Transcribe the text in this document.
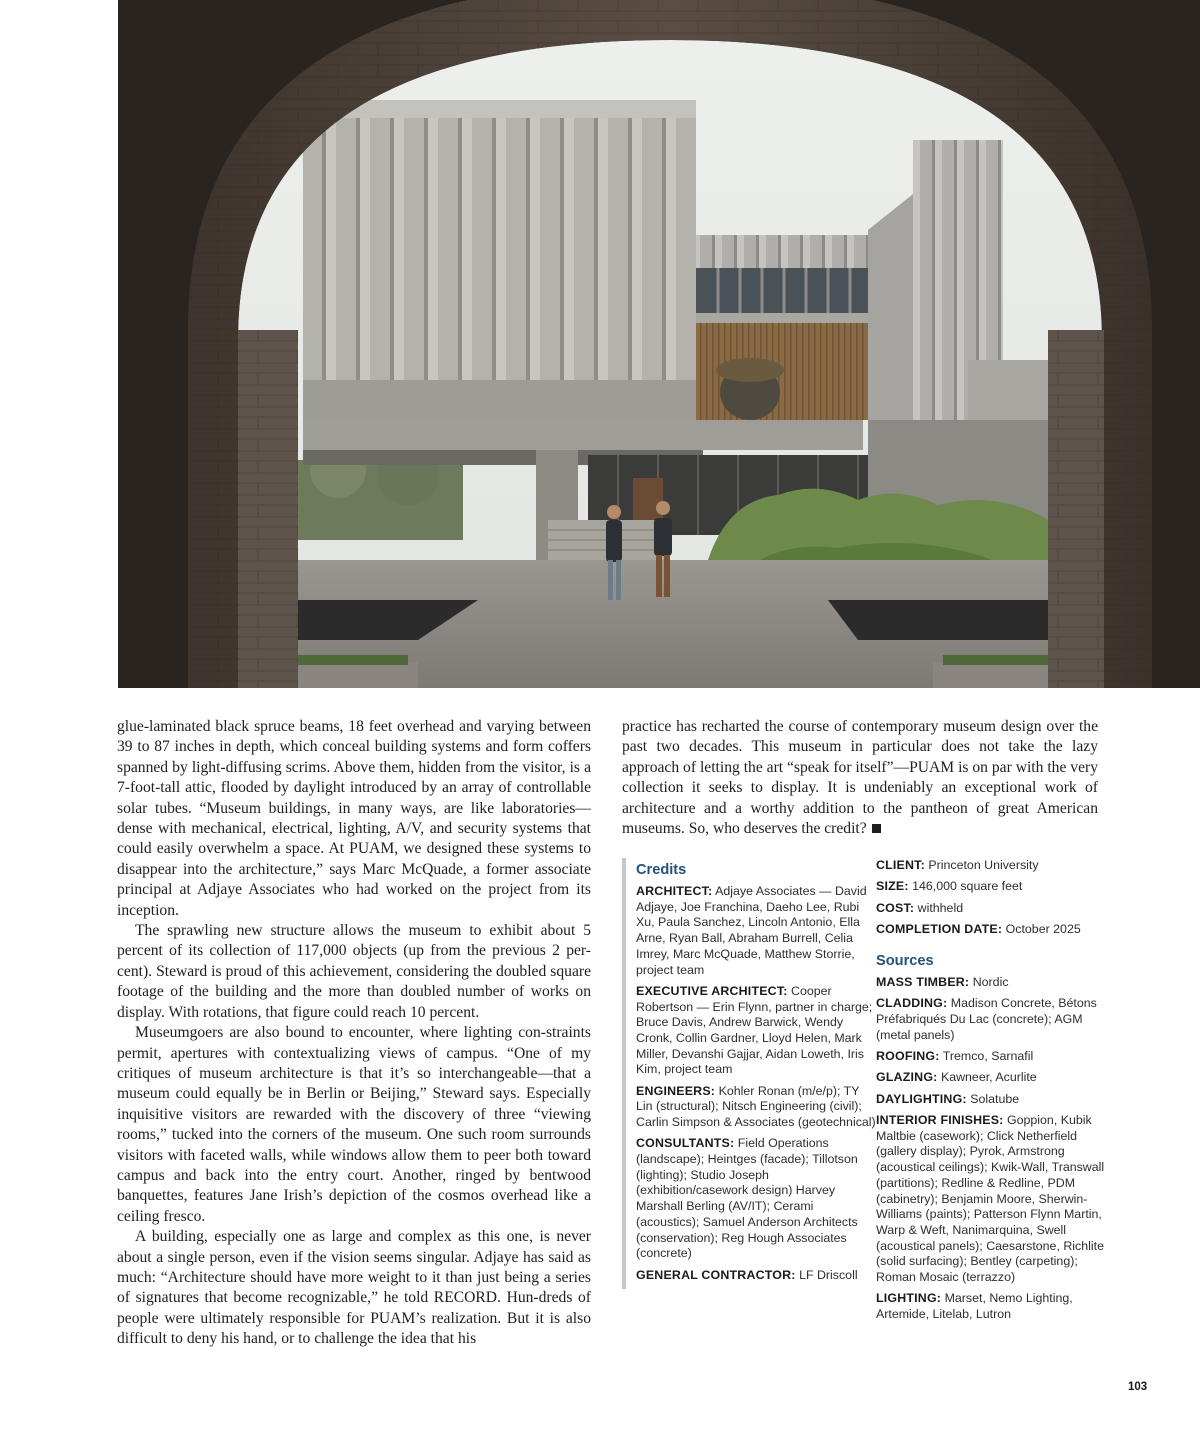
glue-laminated black spruce beams, 18 feet overhead and varying between 39 to 87 inches in depth, which conceal building systems and form coffers spanned by light-diffusing scrims. Above them, hidden from the visitor, is a 7-foot-tall attic, flooded by daylight introduced by an array of controllable solar tubes. “Museum buildings, in many ways, are like laboratories—dense with mechanical, electrical, lighting, A/V, and security systems that could easily overwhelm a space. At PUAM, we designed these systems to disappear into the architecture,” says Marc McQuade, a former associate principal at Adjaye Associates who had worked on the project from its inception.

The sprawling new structure allows the museum to exhibit about 5 percent of its collection of 117,000 objects (up from the previous 2 per-cent). Steward is proud of this achievement, considering the doubled square footage of the building and the more than doubled number of works on display. With rotations, that figure could reach 10 percent.

Museumgoers are also bound to encounter, where lighting con-straints permit, apertures with contextualizing views of campus. “One of my critiques of museum architecture is that it’s so interchangeable—that a museum could equally be in Berlin or Beijing,” Steward says. Especially inquisitive visitors are rewarded with the discovery of three “viewing rooms,” tucked into the corners of the museum. One such room surrounds visitors with faceted walls, while windows allow them to peer both toward campus and back into the entry court. Another, ringed by bentwood banquettes, features Jane Irish’s depiction of the cosmos overhead like a ceiling fresco.

A building, especially one as large and complex as this one, is never about a single person, even if the vision seems singular. Adjaye has said as much: “Architecture should have more weight to it than just being a series of signatures that become recognizable,” he told RECORD. Hun-dreds of people were ultimately responsible for PUAM’s realization. But it is also difficult to deny his hand, or to challenge the idea that his

practice has recharted the course of contemporary museum design over the past two decades. This museum in particular does not take the lazy approach of letting the art “speak for itself”—PUAM is on par with the very collection it seeks to display. It is undeniably an exceptional work of architecture and a worthy addition to the pantheon of great American museums. So, who deserves the credit?

Credits
ARCHITECT: Adjaye Associates — David Adjaye, Joe Franchina, Daeho Lee, Rubi Xu, Paula Sanchez, Lincoln Antonio, Ella Arne, Ryan Ball, Abraham Burrell, Celia Imrey, Marc McQuade, Matthew Storrie, project team
EXECUTIVE ARCHITECT: Cooper Robertson — Erin Flynn, partner in charge; Bruce Davis, Andrew Barwick, Wendy Cronk, Collin Gardner, Lloyd Helen, Mark Miller, Devanshi Gajjar, Aidan Loweth, Iris Kim, project team
ENGINEERS: Kohler Ronan (m/e/p); TY Lin (structural); Nitsch Engineering (civil); Carlin Simpson & Associates (geotechnical)
CONSULTANTS: Field Operations (landscape); Heintges (facade); Tillotson (lighting); Studio Joseph (exhibition/casework design) Harvey Marshall Berling (AV/IT); Cerami (acoustics); Samuel Anderson Architects (conservation); Reg Hough Associates (concrete)
GENERAL CONTRACTOR: LF Driscoll
CLIENT: Princeton University
SIZE: 146,000 square feet
COST: withheld
COMPLETION DATE: October 2025
Sources
MASS TIMBER: Nordic
CLADDING: Madison Concrete, Bétons Préfabriqués Du Lac (concrete); AGM (metal panels)
ROOFING: Tremco, Sarnafil
GLAZING: Kawneer, Acurlite
DAYLIGHTING: Solatube
INTERIOR FINISHES: Goppion, Kubik Maltbie (casework); Click Netherfield (gallery display); Pyrok, Armstrong (acoustical ceilings); Kwik-Wall, Transwall (partitions); Redline & Redline, PDM (cabinetry); Benjamin Moore, Sherwin-Williams (paints); Patterson Flynn Martin, Warp & Weft, Nanimarquina, Swell (acoustical panels); Caesarstone, Richlite (solid surfacing); Bentley (carpeting); Roman Mosaic (terrazzo)
LIGHTING: Marset, Nemo Lighting, Artemide, Litelab, Lutron
103
